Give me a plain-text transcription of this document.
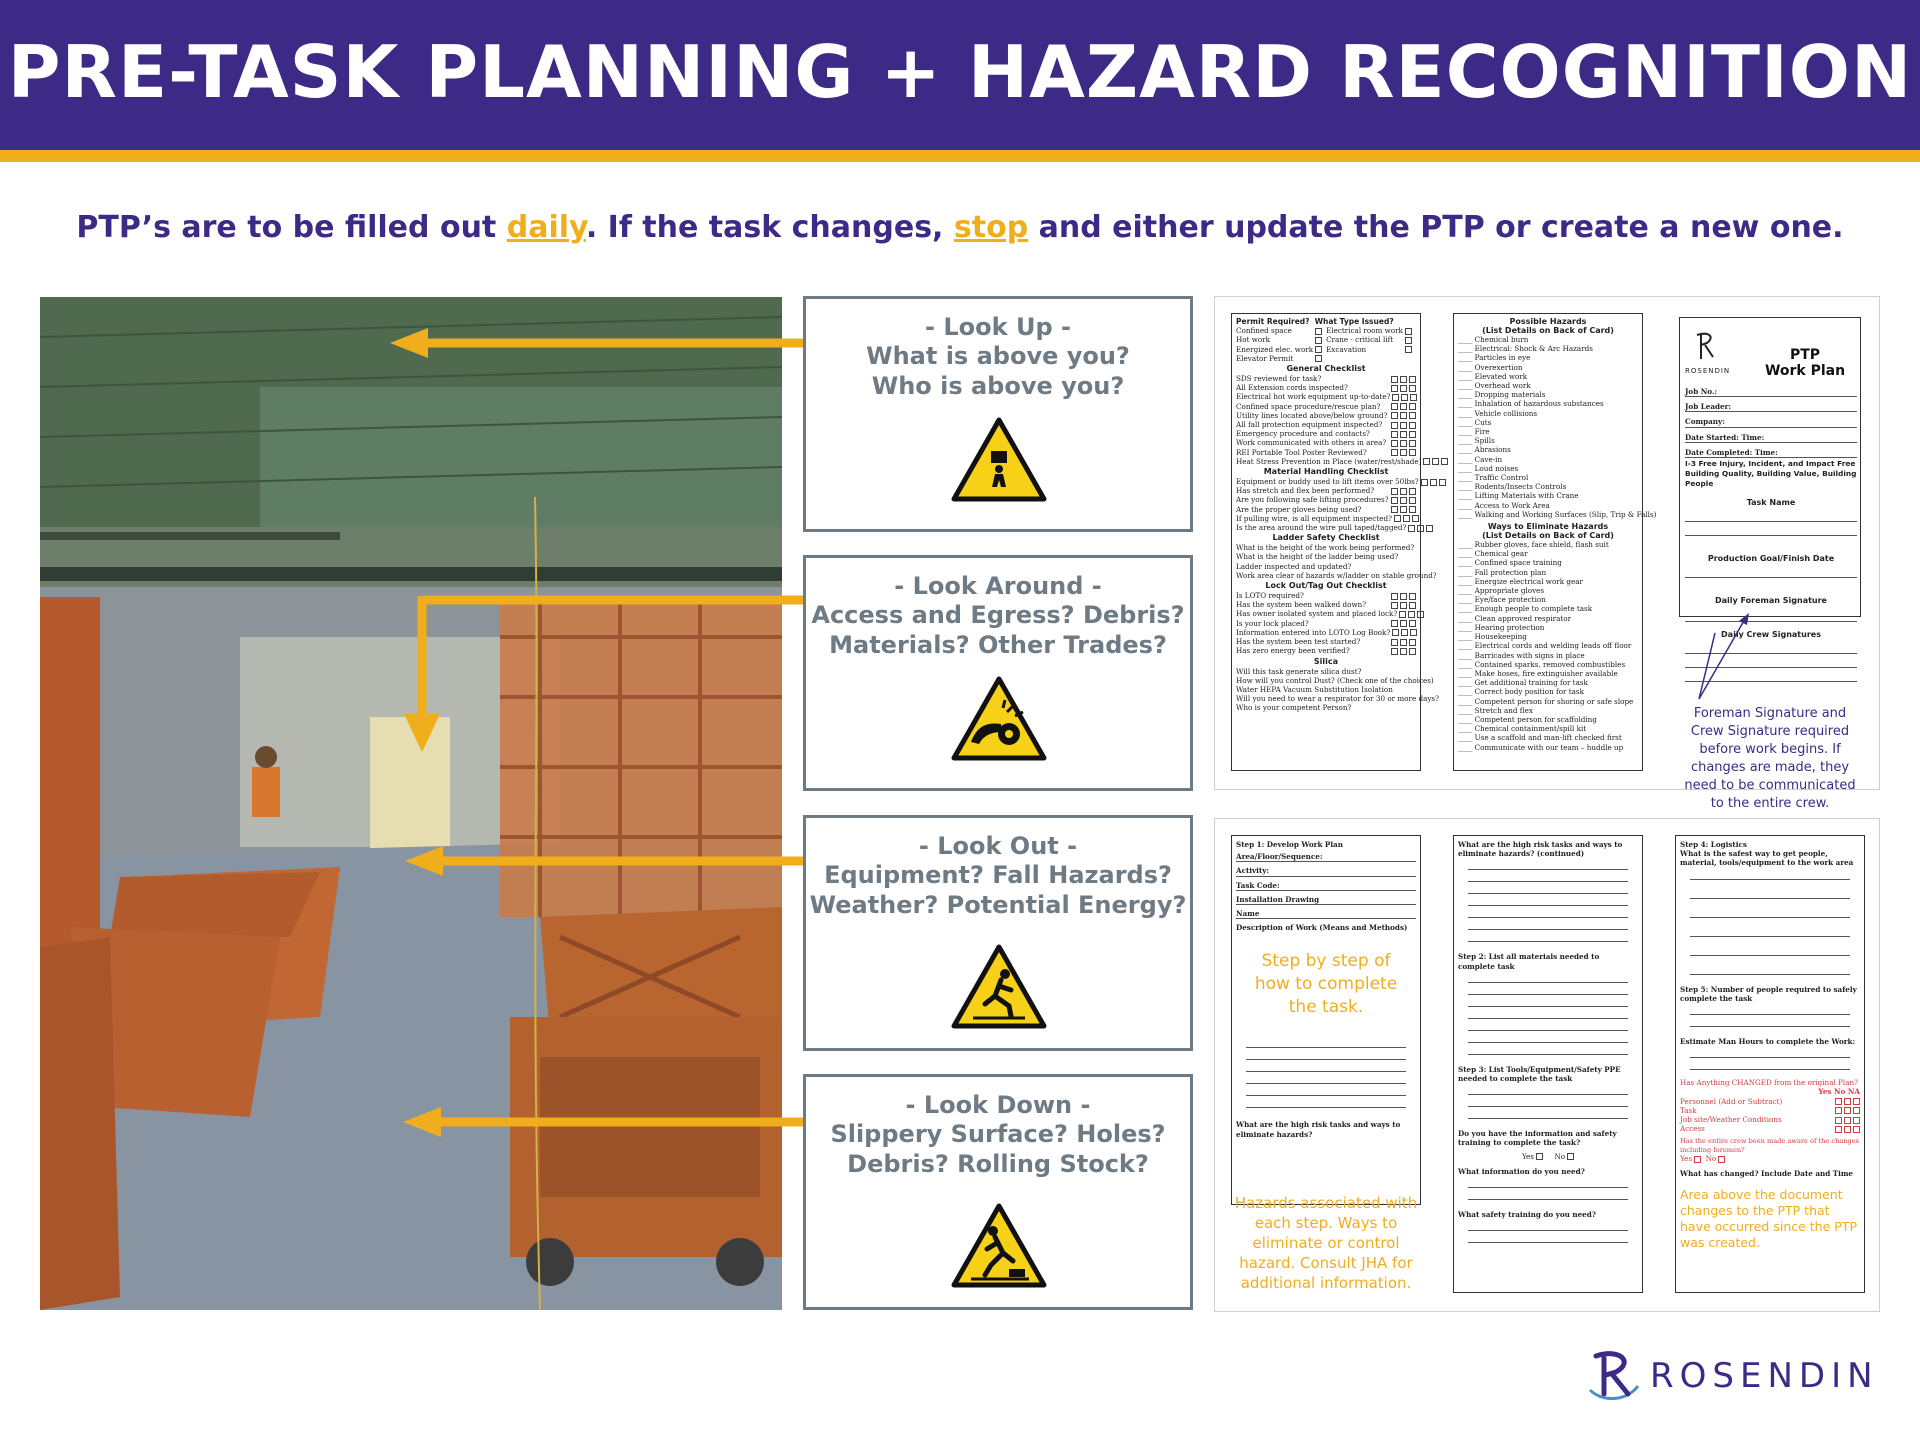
PRE-TASK PLANNING + HAZARD RECOGNITION
PTP’s are to be filled out daily. If the task changes, stop and either update the PTP or create a new one.
- Look Up -
What is above you?
Who is above you?
- Look Around -
Access and Egress? Debris?
Materials? Other Trades?
- Look Out -
Equipment? Fall Hazards?
Weather? Potential Energy?
- Look Down -
Slippery Surface? Holes?
Debris? Rolling Stock?
Permit Required? What Type Issued?
Confined space
Hot work
Energized elec. work
Elevator Permit
Electrical room work
Crane - critical lift
Excavation
General Checklist
SDS reviewed for task?
All Extension cords inspected?
Electrical hot work equipment up-to-date?
Confined space procedure/rescue plan?
Utility lines located above/below ground?
All fall protection equipment inspected?
Emergency procedure and contacts?
Work communicated with others in area?
REI Portable Tool Poster Reviewed?
Heat Stress Prevention in Place (water/rest/shade)
Material Handling Checklist
Equipment or buddy used to lift items over 50lbs?
Has stretch and flex been performed?
Are you following safe lifting procedures?
Are the proper gloves being used?
If pulling wire, is all equipment inspected?
Is the area around the wire pull taped/tagged?
Ladder Safety Checklist
What is the height of the work being performed?
What is the height of the ladder being used?
Ladder inspected and updated?
Work area clear of hazards w/ladder on stable ground?
Lock Out/Tag Out Checklist
Is LOTO required?
Has the system been walked down?
Has owner isolated system and placed lock?
Is your lock placed?
Information entered into LOTO Log Book?
Has the system been test started?
Has zero energy been verified?
Silica
Will this task generate silica dust?
How will you control Dust? (Check one of the choices)
Water HEPA Vacuum Substitution Isolation
Will you need to wear a respirator for 30 or more days?
Who is your competent Person?
Possible Hazards
(List Details on Back of Card)
____ Chemical burn
____ Electrical: Shock & Arc Hazards
____ Particles in eye
____ Overexertion
____ Elevated work
____ Overhead work
____ Dropping materials
____ Inhalation of hazardous substances
____ Vehicle collisions
____ Cuts
____ Fire
____ Spills
____ Abrasions
____ Cave-in
____ Loud noises
____ Traffic Control
____ Rodents/Insects Controls
____ Lifting Materials with Crane
____ Access to Work Area
____ Walking and Working Surfaces (Slip, Trip & Falls)
Ways to Eliminate Hazards
(List Details on Back of Card)
____ Rubber gloves, face shield, flash suit
____ Chemical gear
____ Confined space training
____ Fall protection plan
____ Energize electrical work gear
____ Appropriate gloves
____ Eye/face protection
____ Enough people to complete task
____ Clean approved respirator
____ Hearing protection
____ Housekeeping
____ Electrical cords and welding leads off floor
____ Barricades with signs in place
____ Contained sparks, removed combustibles
____ Make hoses, fire extinguisher available
____ Get additional training for task
____ Correct body position for task
____ Competent person for shoring or safe slope
____ Stretch and flex
____ Competent person for scaffolding
____ Chemical containment/spill kit
____ Use a scaffold and man-lift checked first
____ Communicate with our team – huddle up
ROSENDIN
PTP
Work Plan
Job No.:
Job Leader:
Company:
Date Started: Time:
Date Completed: Time:
I-3 Free Injury, Incident, and Impact Free Building Quality, Building Value, Building People
Task Name
Production Goal/Finish Date
Daily Foreman Signature
Daily Crew Signatures
Foreman Signature and Crew Signature required before work begins. If changes are made, they need to be communicated to the entire crew.
Step 1: Develop Work Plan
Area/Floor/Sequence:
Activity:
Task Code:
Installation Drawing
Name
Description of Work (Means and Methods)
Step by step of how to complete the task.
What are the high risk tasks and ways to eliminate hazards?
Hazards associated with each step. Ways to eliminate or control hazard. Consult JHA for additional information.
What are the high risk tasks and ways to eliminate hazards? (continued)
Step 2: List all materials needed to complete task
Step 3: List Tools/Equipment/Safety PPE needed to complete the task
Do you have the information and safety training to complete the task?
Yes	No
What information do you need?
What safety training do you need?
Step 4: Logistics
What is the safest way to get people, material, tools/equipment to the work area
Step 5: Number of people required to safely complete the task
Estimate Man Hours to complete the Work:
Has Anything CHANGED from the original Plan?
Yes No NA
Personnel (Add or Subtract)
Task
Job site/Weather Conditions
Access
Has the entire crew been made aware of the changes including foremen?
Yes No
What has changed? Include Date and Time
Area above the document changes to the PTP that have occurred since the PTP was created.
ROSENDIN
